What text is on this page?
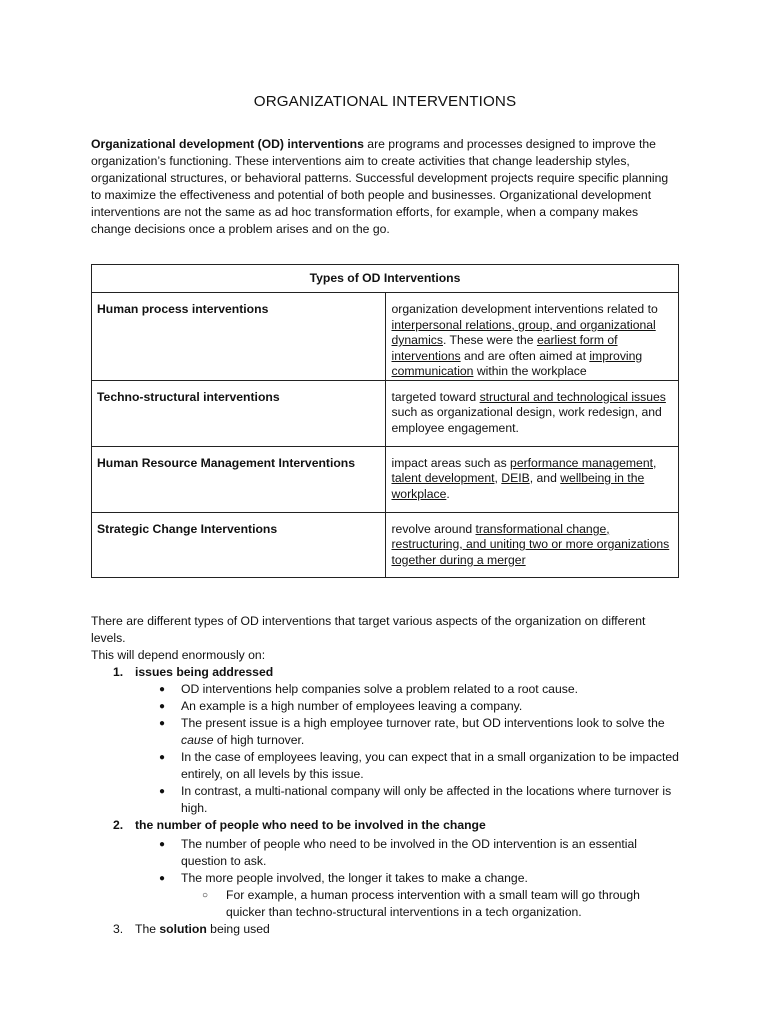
ORGANIZATIONAL INTERVENTIONS

Organizational development (OD) interventions are programs and processes designed to improve the organization’s functioning. These interventions aim to create activities that change leadership styles, organizational structures, or behavioral patterns. Successful development projects require specific planning to maximize the effectiveness and potential of both people and businesses. Organizational development interventions are not the same as ad hoc transformation efforts, for example, when a company makes change decisions once a problem arises and on the go.

Types of OD Interventions	
Human process interventions	organization development interventions related to interpersonal relations, group, and organizational dynamics. These were the earliest form of interventions and are often aimed at improving communication within the workplace
Techno-structural interventions	targeted toward structural and technological issues such as organizational design, work redesign, and employee engagement.
Human Resource Management Interventions	impact areas such as performance management, talent development, DEIB, and wellbeing in the workplace.
Strategic Change Interventions	revolve around transformational change, restructuring, and uniting two or more organizations together during a merger

There are different types of OD interventions that target various aspects of the organization on different levels.

This will depend enormously on:

1. issues being addressed
● OD interventions help companies solve a problem related to a root cause.
● An example is a high number of employees leaving a company.
● The present issue is a high employee turnover rate, but OD interventions look to solve the cause of high turnover.
● In the case of employees leaving, you can expect that in a small organization to be impacted entirely, on all levels by this issue.
● In contrast, a multi-national company will only be affected in the locations where turnover is high.
2. the number of people who need to be involved in the change
● The number of people who need to be involved in the OD intervention is an essential question to ask.
● The more people involved, the longer it takes to make a change.
○ For example, a human process intervention with a small team will go through quicker than techno-structural interventions in a tech organization.
3. The solution being used
